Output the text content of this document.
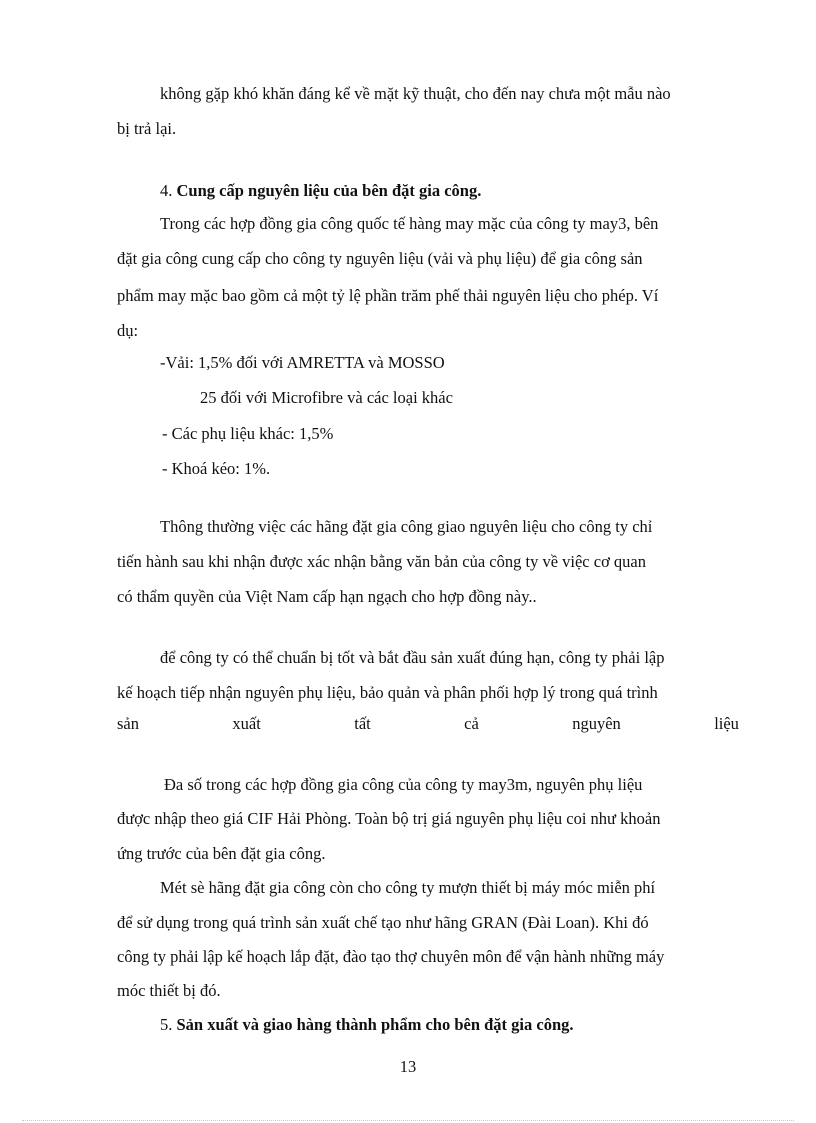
không gặp khó khăn đáng kể về mặt kỹ thuật, cho đến nay chưa một mẫu nào
bị trả lại.
4. Cung cấp nguyên liệu của bên đặt gia công.
Trong các hợp đồng gia công quốc tế hàng may mặc của công ty may3, bên
đặt gia công cung cấp cho công ty nguyên liệu (vải và phụ liệu) để gia công sản
phẩm may mặc bao gồm cả một tỷ lệ phần trăm phế thải nguyên liệu cho phép. Ví
dụ:
-Vải: 1,5% đối với AMRETTA và MOSSO
25 đối với Microfibre và các loại khác
- Các phụ liệu khác: 1,5%
- Khoá kéo: 1%.
Thông thường việc các hãng đặt gia công giao nguyên liệu cho công ty chỉ
tiến hành sau khi nhận được xác nhận bằng văn bản của công ty về việc cơ quan
có thẩm quyền của Việt Nam cấp hạn ngạch cho hợp đồng này..
để công ty có thể chuẩn bị tốt và bắt đầu sản xuất đúng hạn, công ty phải lập
kế hoạch tiếp nhận nguyên phụ liệu, bảo quản và phân phối hợp lý trong quá trình
sản	xuất	tất	cả	nguyên	liệu
Đa số trong các hợp đồng gia công của công ty may3m, nguyên phụ liệu
được nhập theo giá CIF Hải Phòng. Toàn bộ trị giá nguyên phụ liệu coi như khoản
ứng trước của bên đặt gia công.
Mét sè hãng đặt gia công còn cho công ty mượn thiết bị máy móc miễn phí
để sử dụng trong quá trình sản xuất chế tạo như hãng GRAN (Đài Loan). Khi đó
công ty phải lập kế hoạch lắp đặt, đào tạo thợ chuyên môn để vận hành những máy
móc thiết bị đó.
5. Sản xuất và giao hàng thành phẩm cho bên đặt gia công.
13
